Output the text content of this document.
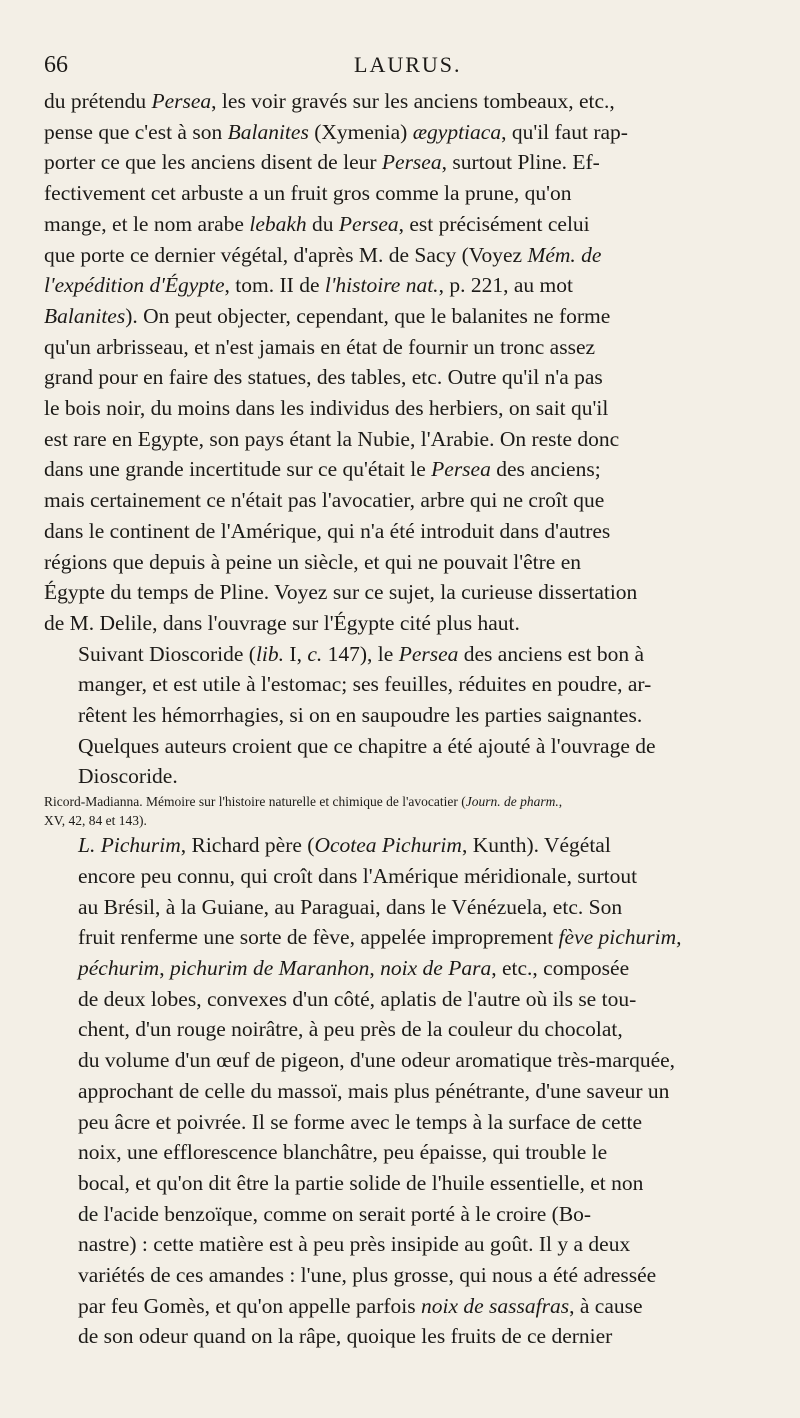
66	LAURUS.

du prétendu Persea, les voir gravés sur les anciens tombeaux, etc.,
pense que c'est à son Balanites (Xymenia) ægyptiaca, qu'il faut rap-
porter ce que les anciens disent de leur Persea, surtout Pline. Ef-
fectivement cet arbuste a un fruit gros comme la prune, qu'on
mange, et le nom arabe lebakh du Persea, est précisément celui
que porte ce dernier végétal, d'après M. de Sacy (Voyez Mém. de
l'expédition d'Égypte, tom. II de l'histoire nat., p. 221, au mot
Balanites). On peut objecter, cependant, que le balanites ne forme
qu'un arbrisseau, et n'est jamais en état de fournir un tronc assez
grand pour en faire des statues, des tables, etc. Outre qu'il n'a pas
le bois noir, du moins dans les individus des herbiers, on sait qu'il
est rare en Egypte, son pays étant la Nubie, l'Arabie. On reste donc
dans une grande incertitude sur ce qu'était le Persea des anciens;
mais certainement ce n'était pas l'avocatier, arbre qui ne croît que
dans le continent de l'Amérique, qui n'a été introduit dans d'autres
régions que depuis à peine un siècle, et qui ne pouvait l'être en
Égypte du temps de Pline. Voyez sur ce sujet, la curieuse dissertation
de M. Delile, dans l'ouvrage sur l'Égypte cité plus haut.

Suivant Dioscoride (lib. I, c. 147), le Persea des anciens est bon à
manger, et est utile à l'estomac; ses feuilles, réduites en poudre, ar-
rêtent les hémorrhagies, si on en saupoudre les parties saignantes.
Quelques auteurs croient que ce chapitre a été ajouté à l'ouvrage de
Dioscoride.

Ricord-Madianna. Mémoire sur l'histoire naturelle et chimique de l'avocatier (Journ. de pharm.,
XV, 42, 84 et 143).

L. Pichurim, Richard père (Ocotea Pichurim, Kunth). Végétal
encore peu connu, qui croît dans l'Amérique méridionale, surtout
au Brésil, à la Guiane, au Paraguai, dans le Vénézuela, etc. Son
fruit renferme une sorte de fève, appelée improprement fève pichurim,
péchurim, pichurim de Maranhon, noix de Para, etc., composée
de deux lobes, convexes d'un côté, aplatis de l'autre où ils se tou-
chent, d'un rouge noirâtre, à peu près de la couleur du chocolat,
du volume d'un œuf de pigeon, d'une odeur aromatique très-marquée,
approchant de celle du massoï, mais plus pénétrante, d'une saveur un
peu âcre et poivrée. Il se forme avec le temps à la surface de cette
noix, une efflorescence blanchâtre, peu épaisse, qui trouble le
bocal, et qu'on dit être la partie solide de l'huile essentielle, et non
de l'acide benzoïque, comme on serait porté à le croire (Bo-
nastre) : cette matière est à peu près insipide au goût. Il y a deux
variétés de ces amandes : l'une, plus grosse, qui nous a été adressée
par feu Gomès, et qu'on appelle parfois noix de sassafras, à cause
de son odeur quand on la râpe, quoique les fruits de ce dernier
